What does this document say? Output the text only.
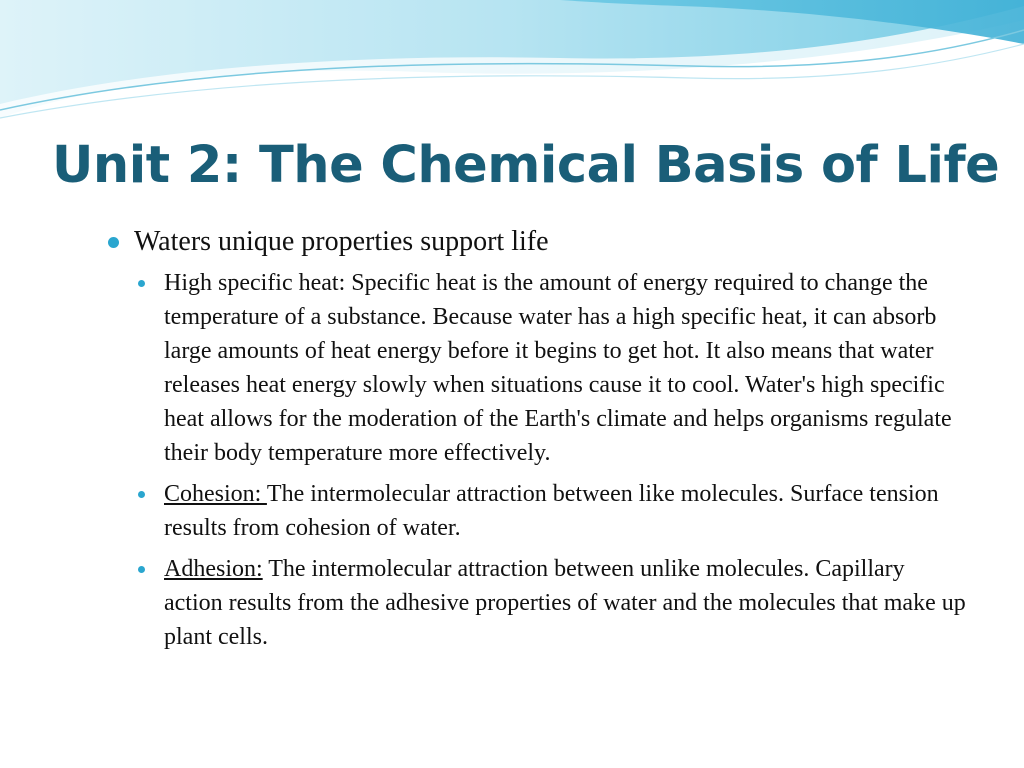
Unit 2: The Chemical Basis of Life
Waters unique properties support life
High specific heat: Specific heat is the amount of energy required to change the temperature of a substance. Because water has a high specific heat, it can absorb large amounts of heat energy before it begins to get hot. It also means that water releases heat energy slowly when situations cause it to cool. Water's high specific heat allows for the moderation of the Earth's climate and helps organisms regulate their body temperature more effectively.
Cohesion: The intermolecular attraction between like molecules. Surface tension results from cohesion of water.
Adhesion: The intermolecular attraction between unlike molecules. Capillary action results from the adhesive properties of water and the molecules that make up plant cells.
